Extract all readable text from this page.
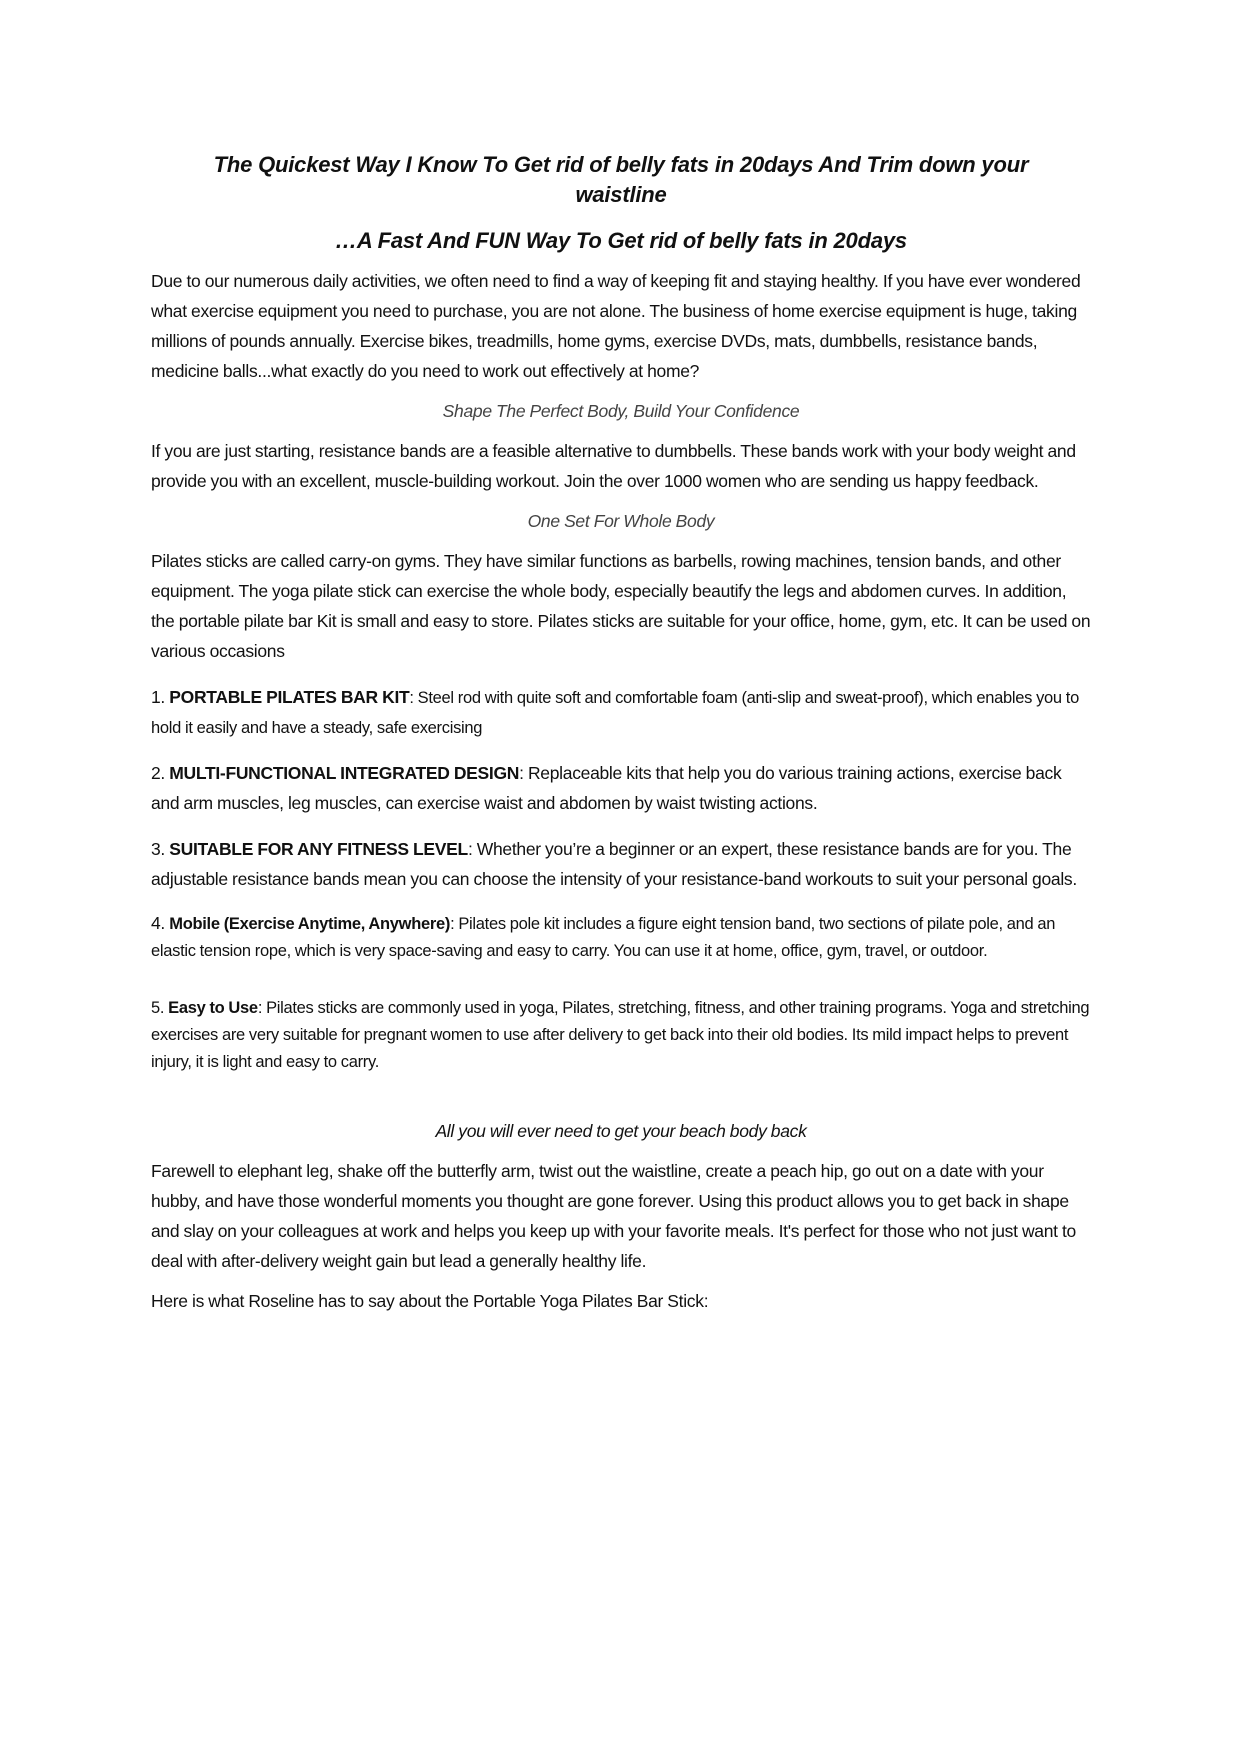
The Quickest Way I Know To Get rid of belly fats in 20days And Trim down your
waistline
…A Fast And FUN Way To Get rid of belly fats in 20days

Due to our numerous daily activities, we often need to find a way of keeping fit and staying healthy. If you have ever wondered what exercise equipment you need to purchase, you are not alone. The business of home exercise equipment is huge, taking millions of pounds annually. Exercise bikes, treadmills, home gyms, exercise DVDs, mats, dumbbells, resistance bands, medicine balls...what exactly do you need to work out effectively at home?

Shape The Perfect Body, Build Your Confidence

If you are just starting, resistance bands are a feasible alternative to dumbbells. These bands work with your body weight and provide you with an excellent, muscle-building workout. Join the over 1000 women who are sending us happy feedback.

One Set For Whole Body

Pilates sticks are called carry-on gyms. They have similar functions as barbells, rowing machines, tension bands, and other equipment. The yoga pilate stick can exercise the whole body, especially beautify the legs and abdomen curves. In addition, the portable pilate bar Kit is small and easy to store. Pilates sticks are suitable for your office, home, gym, etc. It can be used on various occasions

1. PORTABLE PILATES BAR KIT: Steel rod with quite soft and comfortable foam (anti-slip and sweat-proof), which enables you to hold it easily and have a steady, safe exercising
2. MULTI-FUNCTIONAL INTEGRATED DESIGN: Replaceable kits that help you do various training actions, exercise back and arm muscles, leg muscles, can exercise waist and abdomen by waist twisting actions.
3. SUITABLE FOR ANY FITNESS LEVEL: Whether you’re a beginner or an expert, these resistance bands are for you. The adjustable resistance bands mean you can choose the intensity of your resistance-band workouts to suit your personal goals.
4. Mobile (Exercise Anytime, Anywhere): Pilates pole kit includes a figure eight tension band, two sections of pilate pole, and an elastic tension rope, which is very space-saving and easy to carry. You can use it at home, office, gym, travel, or outdoor.
5. Easy to Use: Pilates sticks are commonly used in yoga, Pilates, stretching, fitness, and other training programs. Yoga and stretching exercises are very suitable for pregnant women to use after delivery to get back into their old bodies. Its mild impact helps to prevent injury, it is light and easy to carry.

All you will ever need to get your beach body back

Farewell to elephant leg, shake off the butterfly arm, twist out the waistline, create a peach hip, go out on a date with your hubby, and have those wonderful moments you thought are gone forever. Using this product allows you to get back in shape and slay on your colleagues at work and helps you keep up with your favorite meals. It's perfect for those who not just want to deal with after-delivery weight gain but lead a generally healthy life.

Here is what Roseline has to say about the Portable Yoga Pilates Bar Stick:
